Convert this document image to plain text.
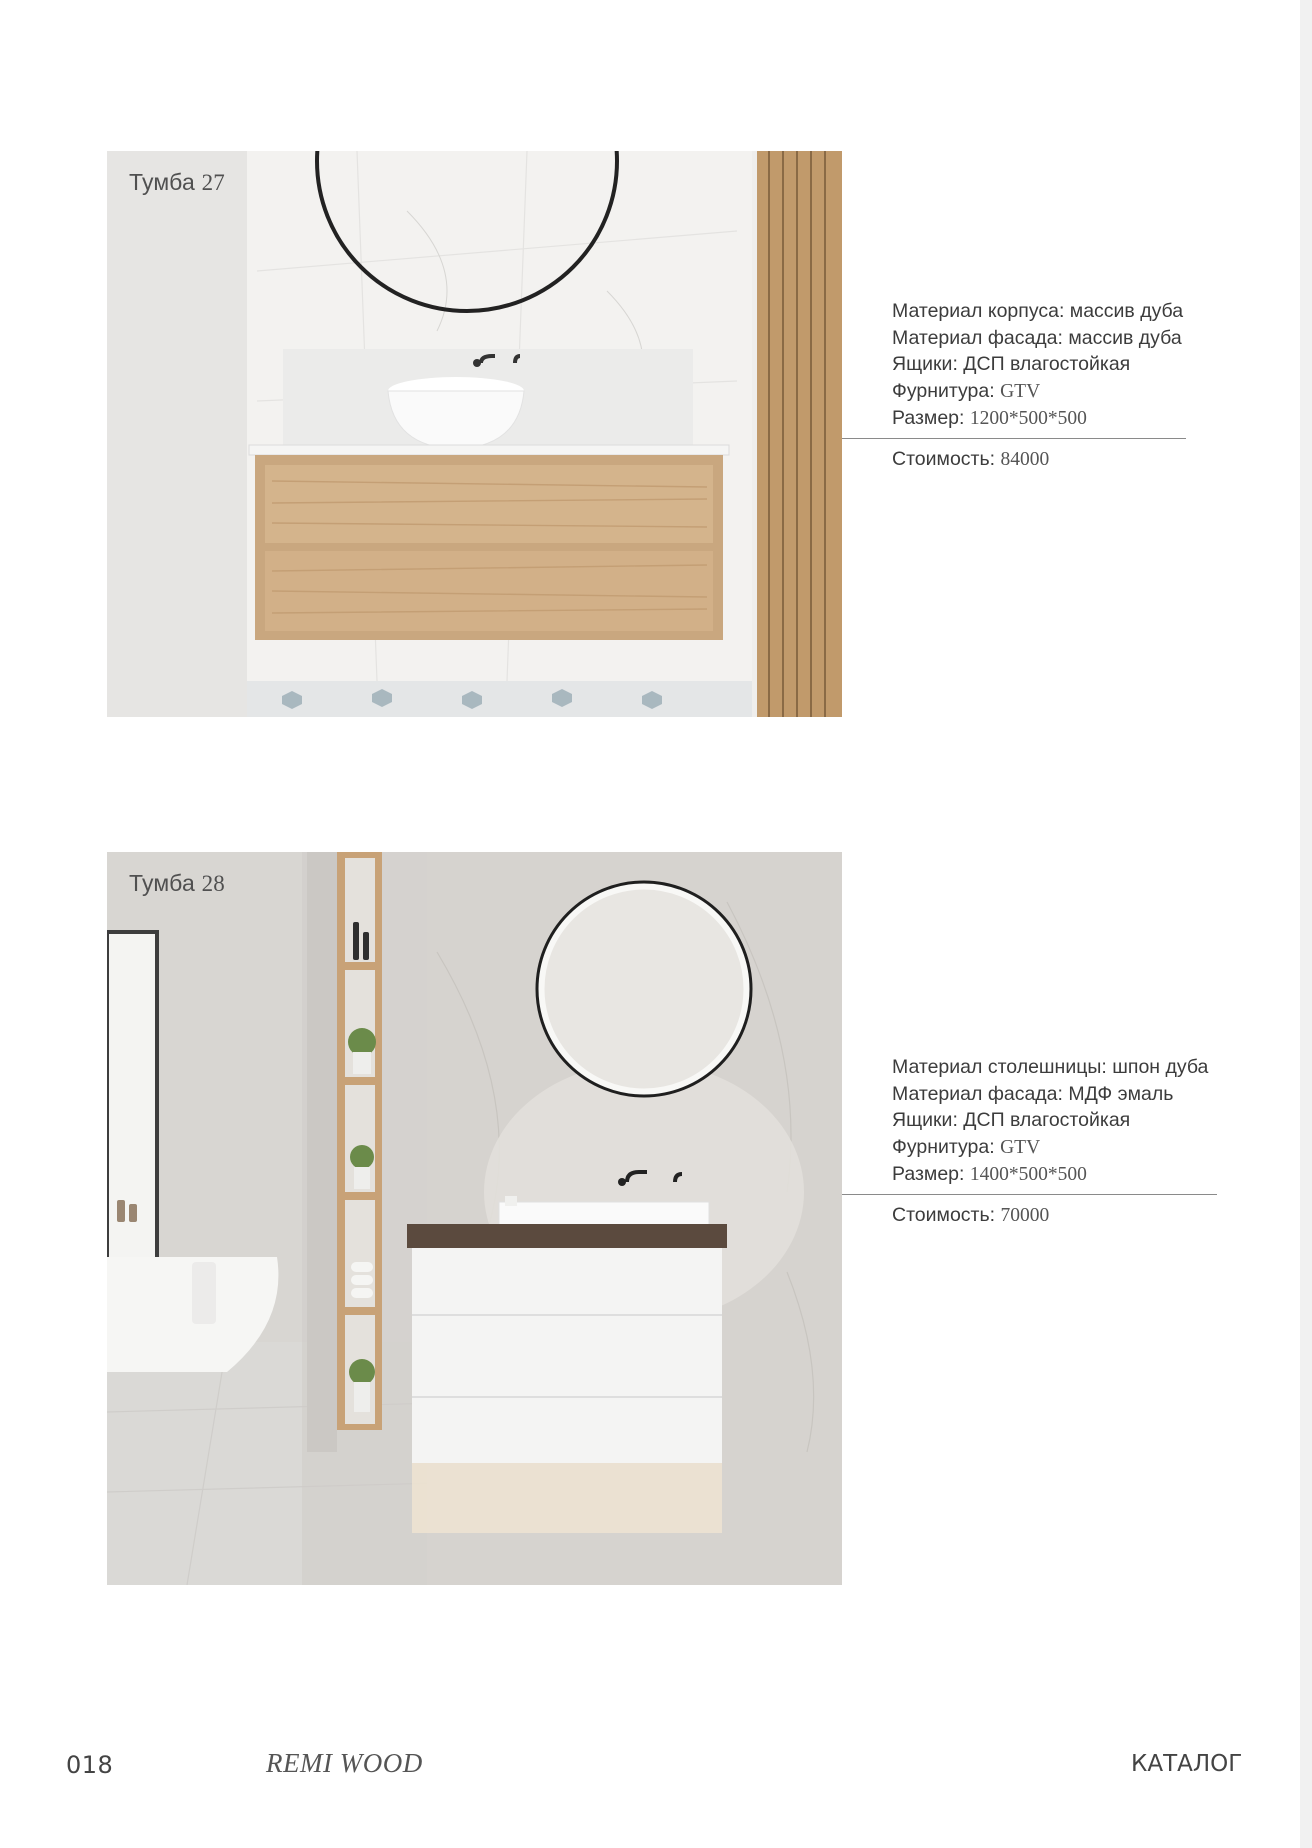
Тумба 27
Материал корпуса: массив дуба
Материал фасада: массив дуба
Ящики: ДСП влагостойкая
Фурнитура: GTV
Размер: 1200*500*500
Стоимость: 84000
Тумба 28
Материал столешницы: шпон дуба
Материал фасада: МДФ эмаль
Ящики: ДСП влагостойкая
Фурнитура: GTV
Размер: 1400*500*500
Стоимость: 70000
018	REMI WOOD	КАТАЛОГ
